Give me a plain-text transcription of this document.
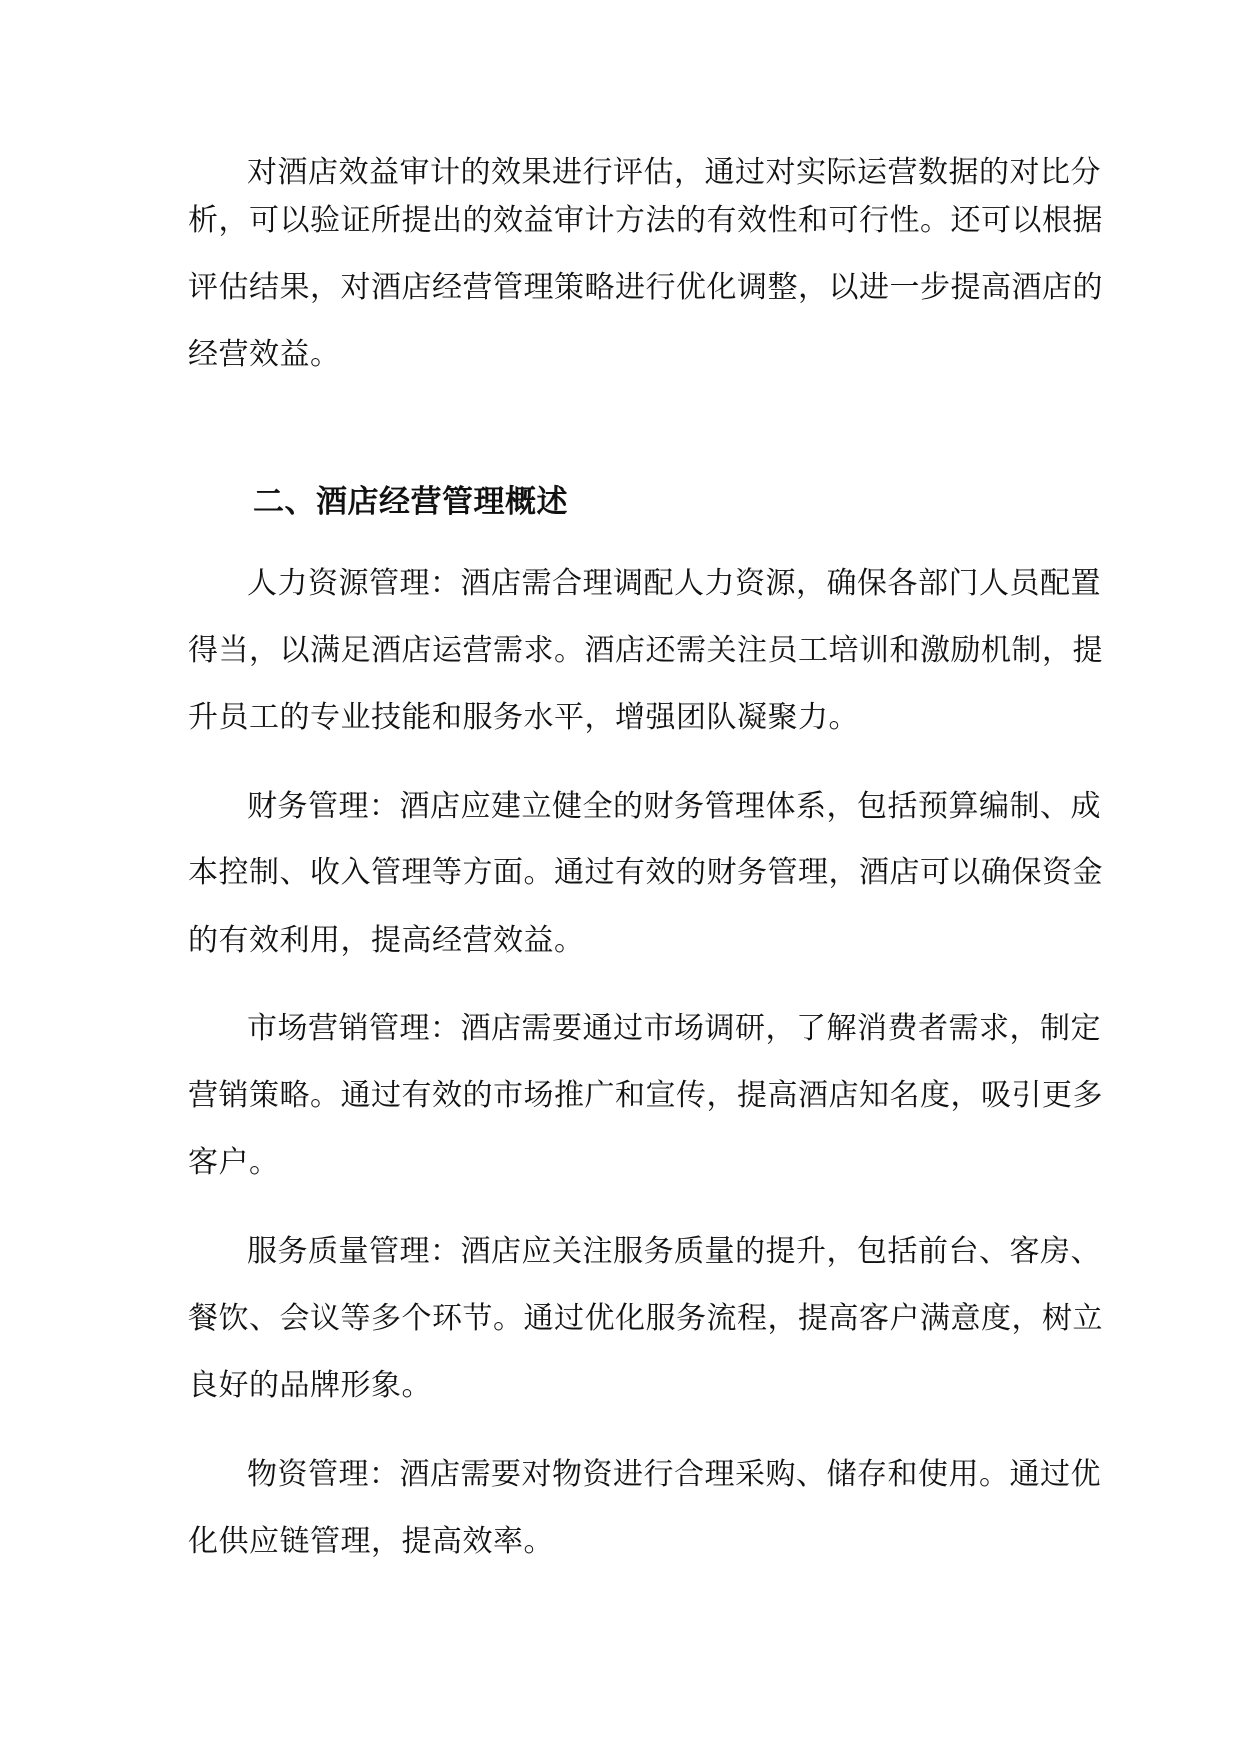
对酒店效益审计的效果进行评估，通过对实际运营数据的对比分
析，可以验证所提出的效益审计方法的有效性和可行性。还可以根据
评估结果，对酒店经营管理策略进行优化调整，以进一步提高酒店的
经营效益。
二、酒店经营管理概述
人力资源管理：酒店需合理调配人力资源，确保各部门人员配置
得当，以满足酒店运营需求。酒店还需关注员工培训和激励机制，提
升员工的专业技能和服务水平，增强团队凝聚力。
财务管理：酒店应建立健全的财务管理体系，包括预算编制、成
本控制、收入管理等方面。通过有效的财务管理，酒店可以确保资金
的有效利用，提高经营效益。
市场营销管理：酒店需要通过市场调研，了解消费者需求，制定
营销策略。通过有效的市场推广和宣传，提高酒店知名度，吸引更多
客户。
服务质量管理：酒店应关注服务质量的提升，包括前台、客房、
餐饮、会议等多个环节。通过优化服务流程，提高客户满意度，树立
良好的品牌形象。
物资管理：酒店需要对物资进行合理采购、储存和使用。通过优
化供应链管理，提高效率。
